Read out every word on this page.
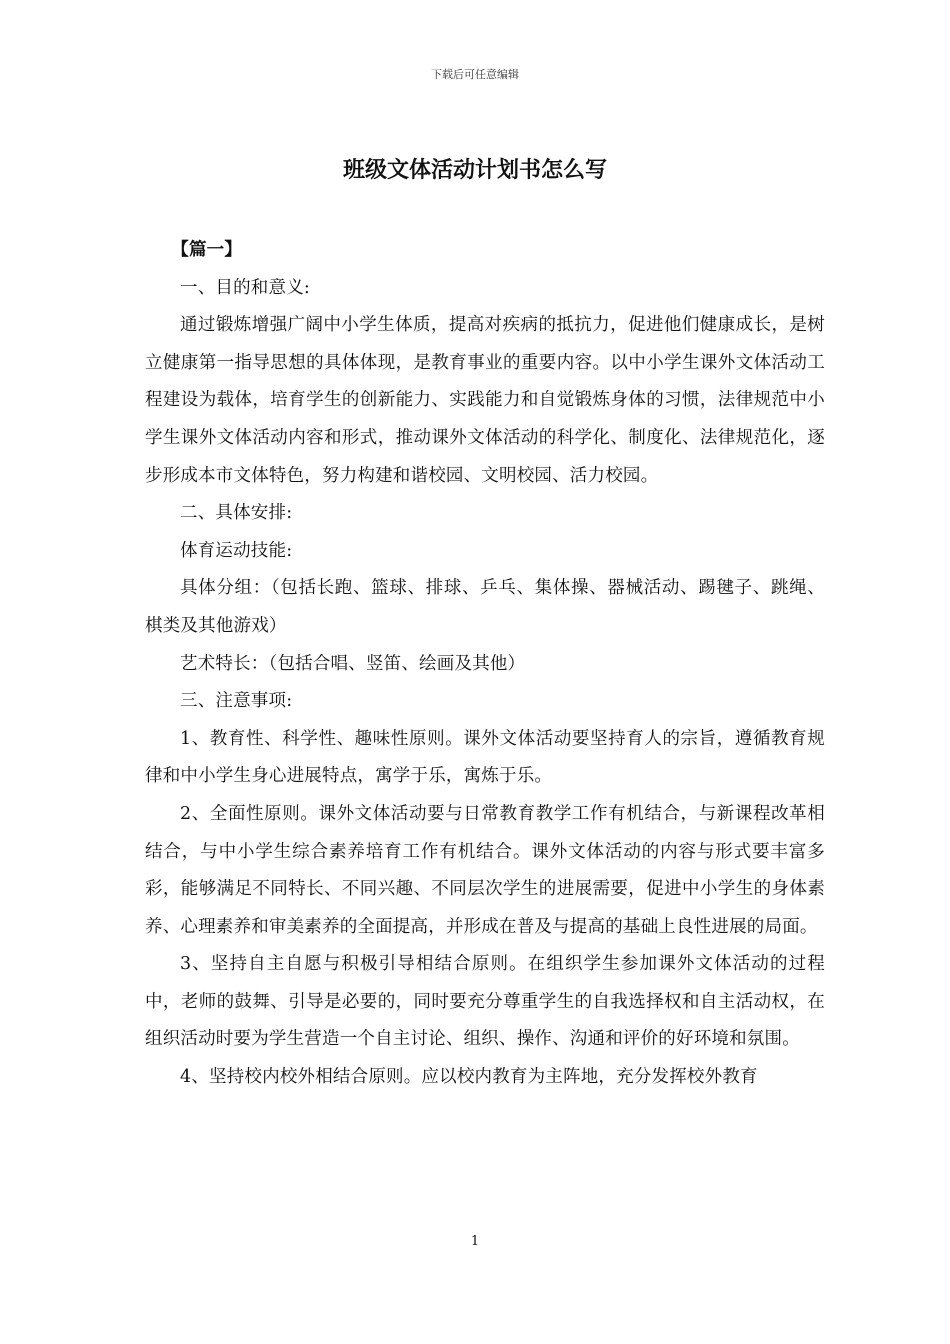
下载后可任意编辑
班级文体活动计划书怎么写

【篇一】

一、目的和意义:

通过锻炼增强广阔中小学生体质，提高对疾病的抵抗力，促进他们健康成长，是树立健康第一指导思想的具体体现，是教育事业的重要内容。以中小学生课外文体活动工程建设为载体，培育学生的创新能力、实践能力和自觉锻炼身体的习惯，法律规范中小学生课外文体活动内容和形式，推动课外文体活动的科学化、制度化、法律规范化，逐步形成本市文体特色，努力构建和谐校园、文明校园、活力校园。

二、具体安排:

体育运动技能:

具体分组：（包括长跑、篮球、排球、乒乓、集体操、器械活动、踢毽子、跳绳、棋类及其他游戏）

艺术特长：（包括合唱、竖笛、绘画及其他）

三、注意事项:

1、教育性、科学性、趣味性原则。课外文体活动要坚持育人的宗旨，遵循教育规律和中小学生身心进展特点，寓学于乐，寓炼于乐。

2、全面性原则。课外文体活动要与日常教育教学工作有机结合，与新课程改革相结合，与中小学生综合素养培育工作有机结合。课外文体活动的内容与形式要丰富多彩，能够满足不同特长、不同兴趣、不同层次学生的进展需要，促进中小学生的身体素养、心理素养和审美素养的全面提高，并形成在普及与提高的基础上良性进展的局面。

3、坚持自主自愿与积极引导相结合原则。在组织学生参加课外文体活动的过程中，老师的鼓舞、引导是必要的，同时要充分尊重学生的自我选择权和自主活动权，在组织活动时要为学生营造一个自主讨论、组织、操作、沟通和评价的好环境和氛围。

4、坚持校内校外相结合原则。应以校内教育为主阵地，充分发挥校外教育

1
